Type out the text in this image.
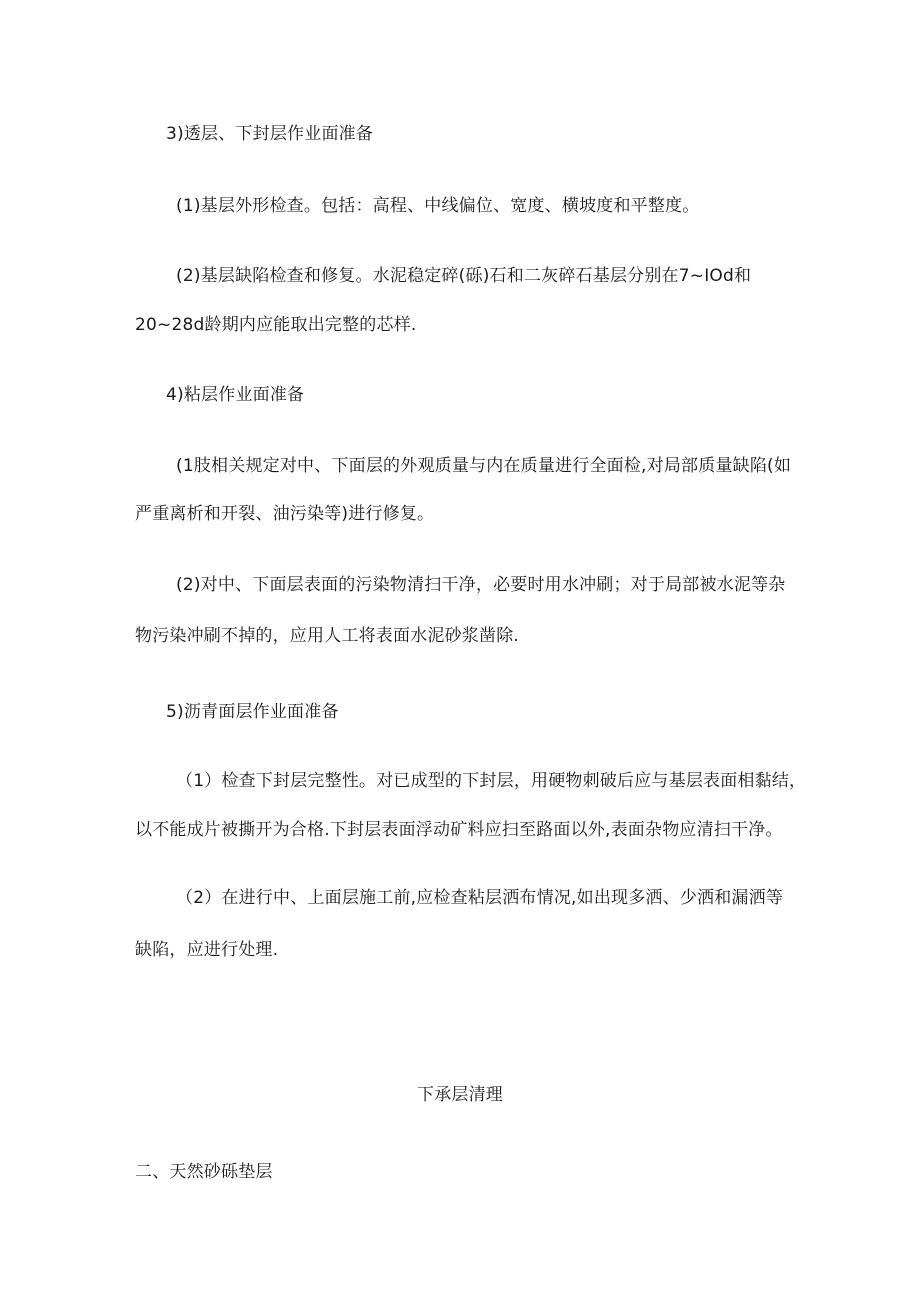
3)透层、下封层作业面准备
(1)基层外形检查。包括：高程、中线偏位、宽度、横坡度和平整度。
(2)基层缺陷检查和修复。水泥稳定碎(砾)石和二灰碎石基层分别在7~IOd和
20~28d龄期内应能取出完整的芯样.
4)粘层作业面准备
(1肢相关规定对中、下面层的外观质量与内在质量进行全面检,对局部质量缺陷(如
严重离析和开裂、油污染等)进行修复。
(2)对中、下面层表面的污染物清扫干净，必要时用水冲刷；对于局部被水泥等杂
物污染冲刷不掉的，应用人工将表面水泥砂浆凿除.
5)沥青面层作业面准备
（1）检查下封层完整性。对已成型的下封层，用硬物刺破后应与基层表面相黏结，
以不能成片被撕开为合格.下封层表面浮动矿料应扫至路面以外,表面杂物应清扫干净。
（2）在进行中、上面层施工前,应检查粘层洒布情况,如出现多洒、少洒和漏洒等
缺陷，应进行处理.
下承层清理
二、天然砂砾垫层
